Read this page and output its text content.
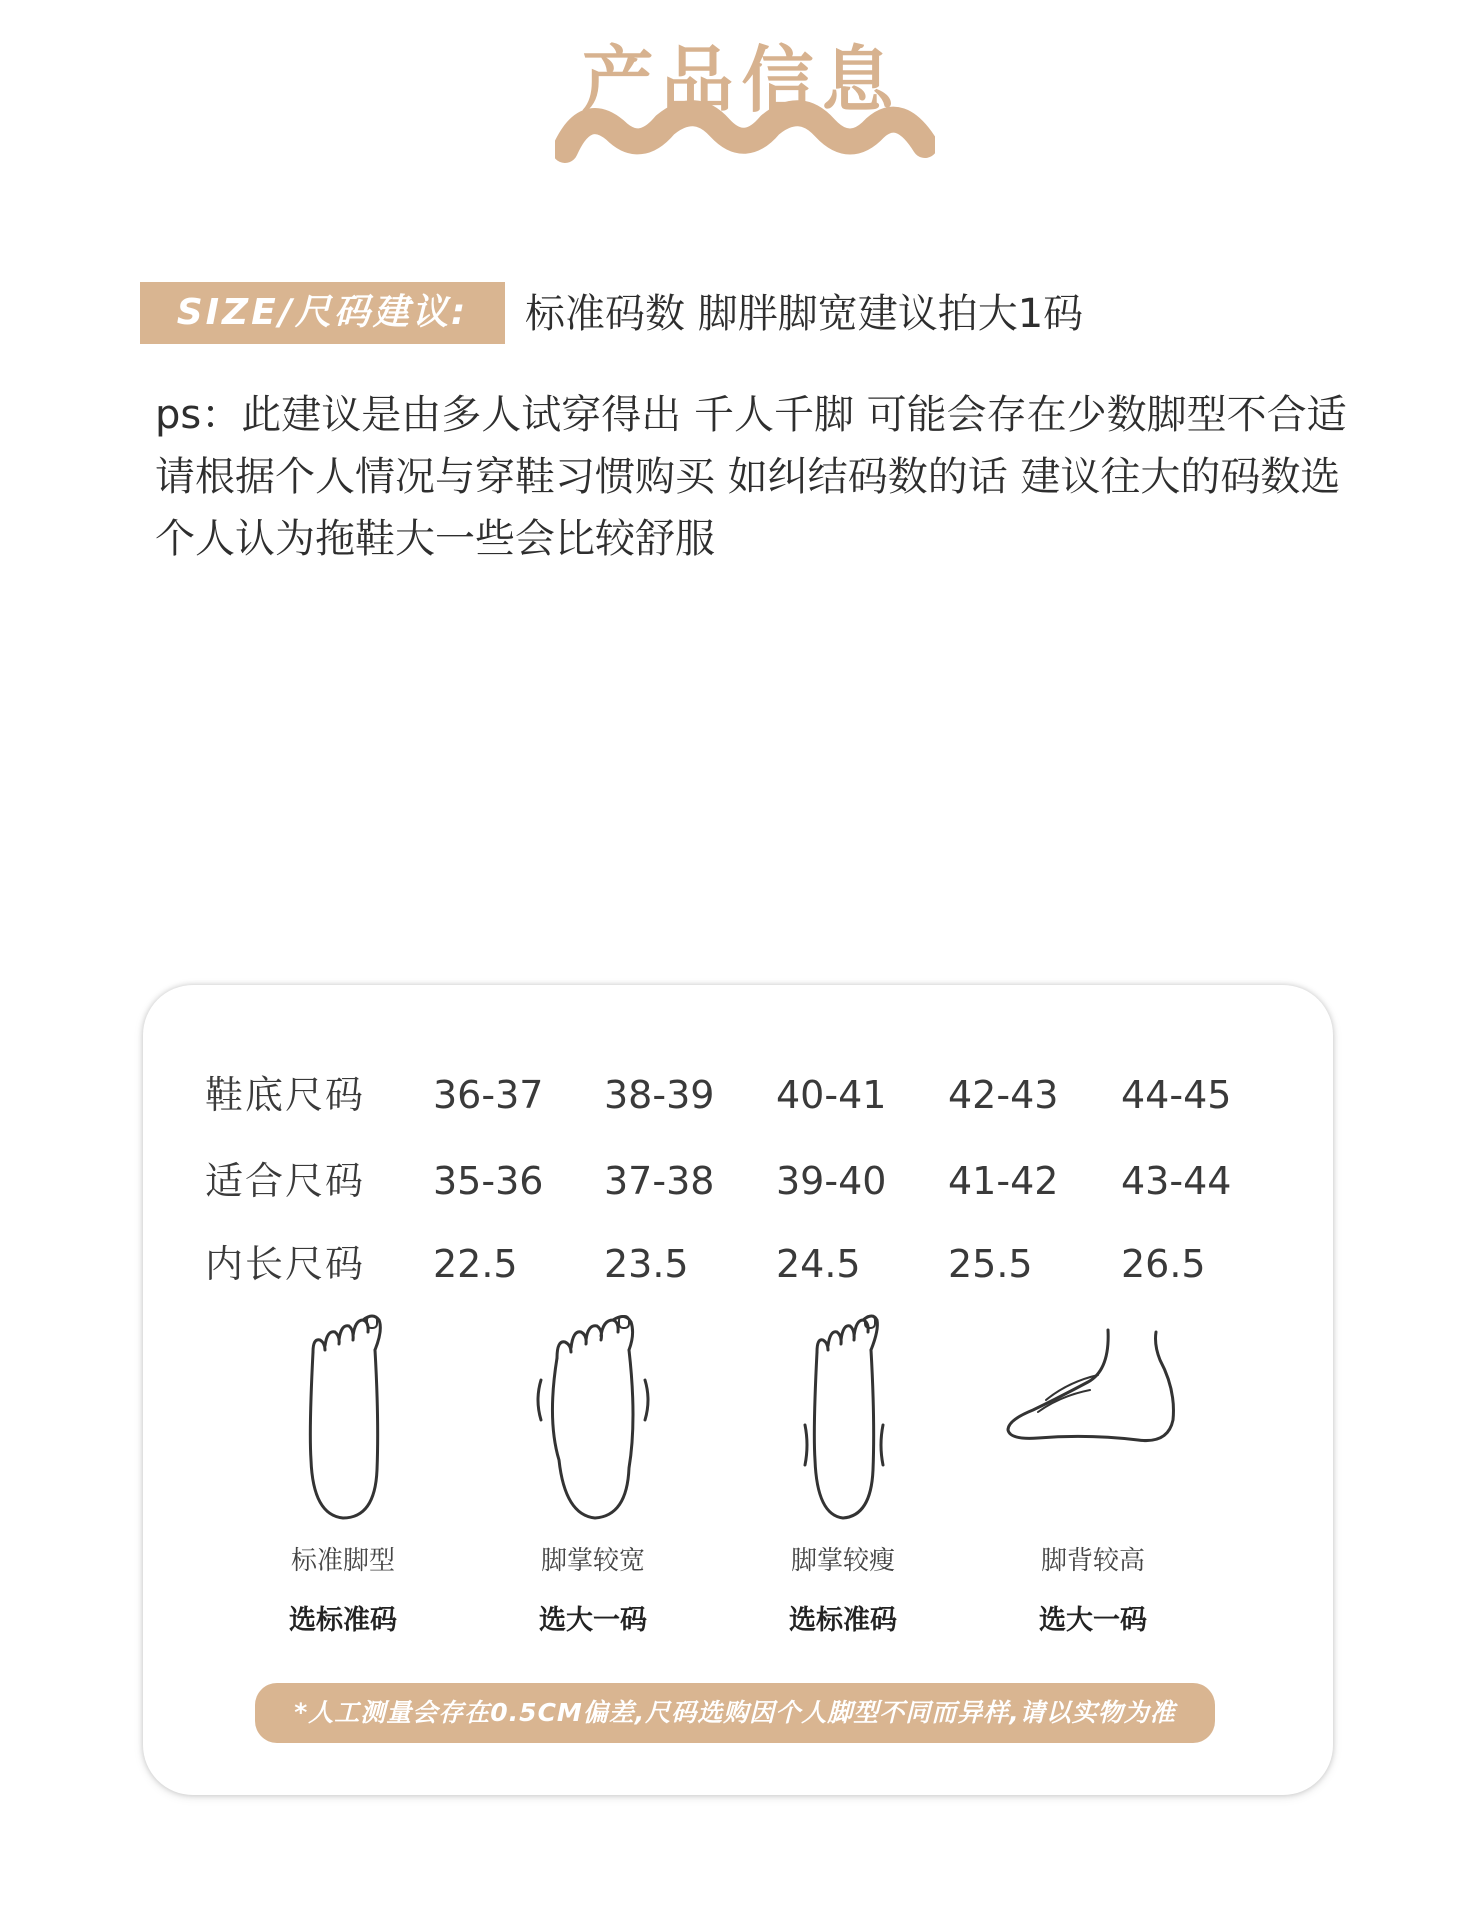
产品信息
SIZE/尺码建议:	标准码数 脚胖脚宽建议拍大1码
ps：此建议是由多人试穿得出 千人千脚 可能会存在少数脚型不合适 请根据个人情况与穿鞋习惯购买 如纠结码数的话 建议往大的码数选 个人认为拖鞋大一些会比较舒服
鞋底尺码 36-37 38-39 40-41 42-43 44-45
适合尺码 35-36 37-38 39-40 41-42 43-44
内长尺码 22.5 23.5 24.5 25.5 26.5
标准脚型
选标准码
脚掌较宽
选大一码
脚掌较瘦
选标准码
脚背较高
选大一码
*人工测量会存在0.5CM偏差,尺码选购因个人脚型不同而异样,请以实物为准
